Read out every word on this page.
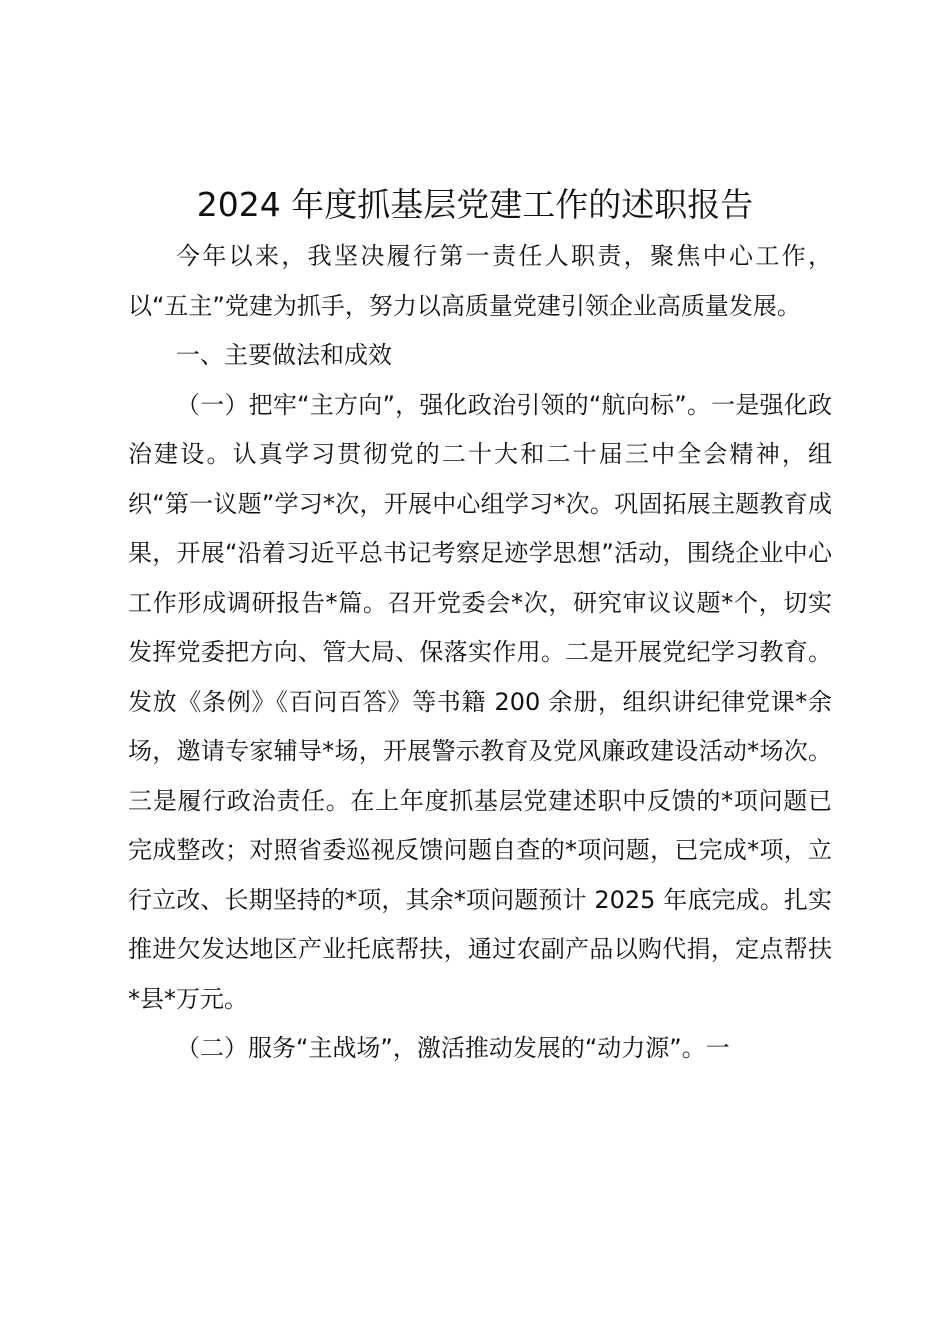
2024 年度抓基层党建工作的述职报告

今年以来，我坚决履行第一责任人职责，聚焦中心工作，以“五主”党建为抓手，努力以高质量党建引领企业高质量发展。

一、主要做法和成效

（一）把牢“主方向”，强化政治引领的“航向标”。一是强化政治建设。认真学习贯彻党的二十大和二十届三中全会精神，组织“第一议题”学习*次，开展中心组学习*次。巩固拓展主题教育成果，开展“沿着习近平总书记考察足迹学思想”活动，围绕企业中心工作形成调研报告*篇。召开党委会*次，研究审议议题*个，切实发挥党委把方向、管大局、保落实作用。二是开展党纪学习教育。发放《条例》《百问百答》等书籍 200 余册，组织讲纪律党课*余场，邀请专家辅导*场，开展警示教育及党风廉政建设活动*场次。三是履行政治责任。在上年度抓基层党建述职中反馈的*项问题已完成整改；对照省委巡视反馈问题自查的*项问题，已完成*项，立行立改、长期坚持的*项，其余*项问题预计 2025 年底完成。扎实推进欠发达地区产业托底帮扶，通过农副产品以购代捐，定点帮扶*县*万元。

（二）服务“主战场”，激活推动发展的“动力源”。一
